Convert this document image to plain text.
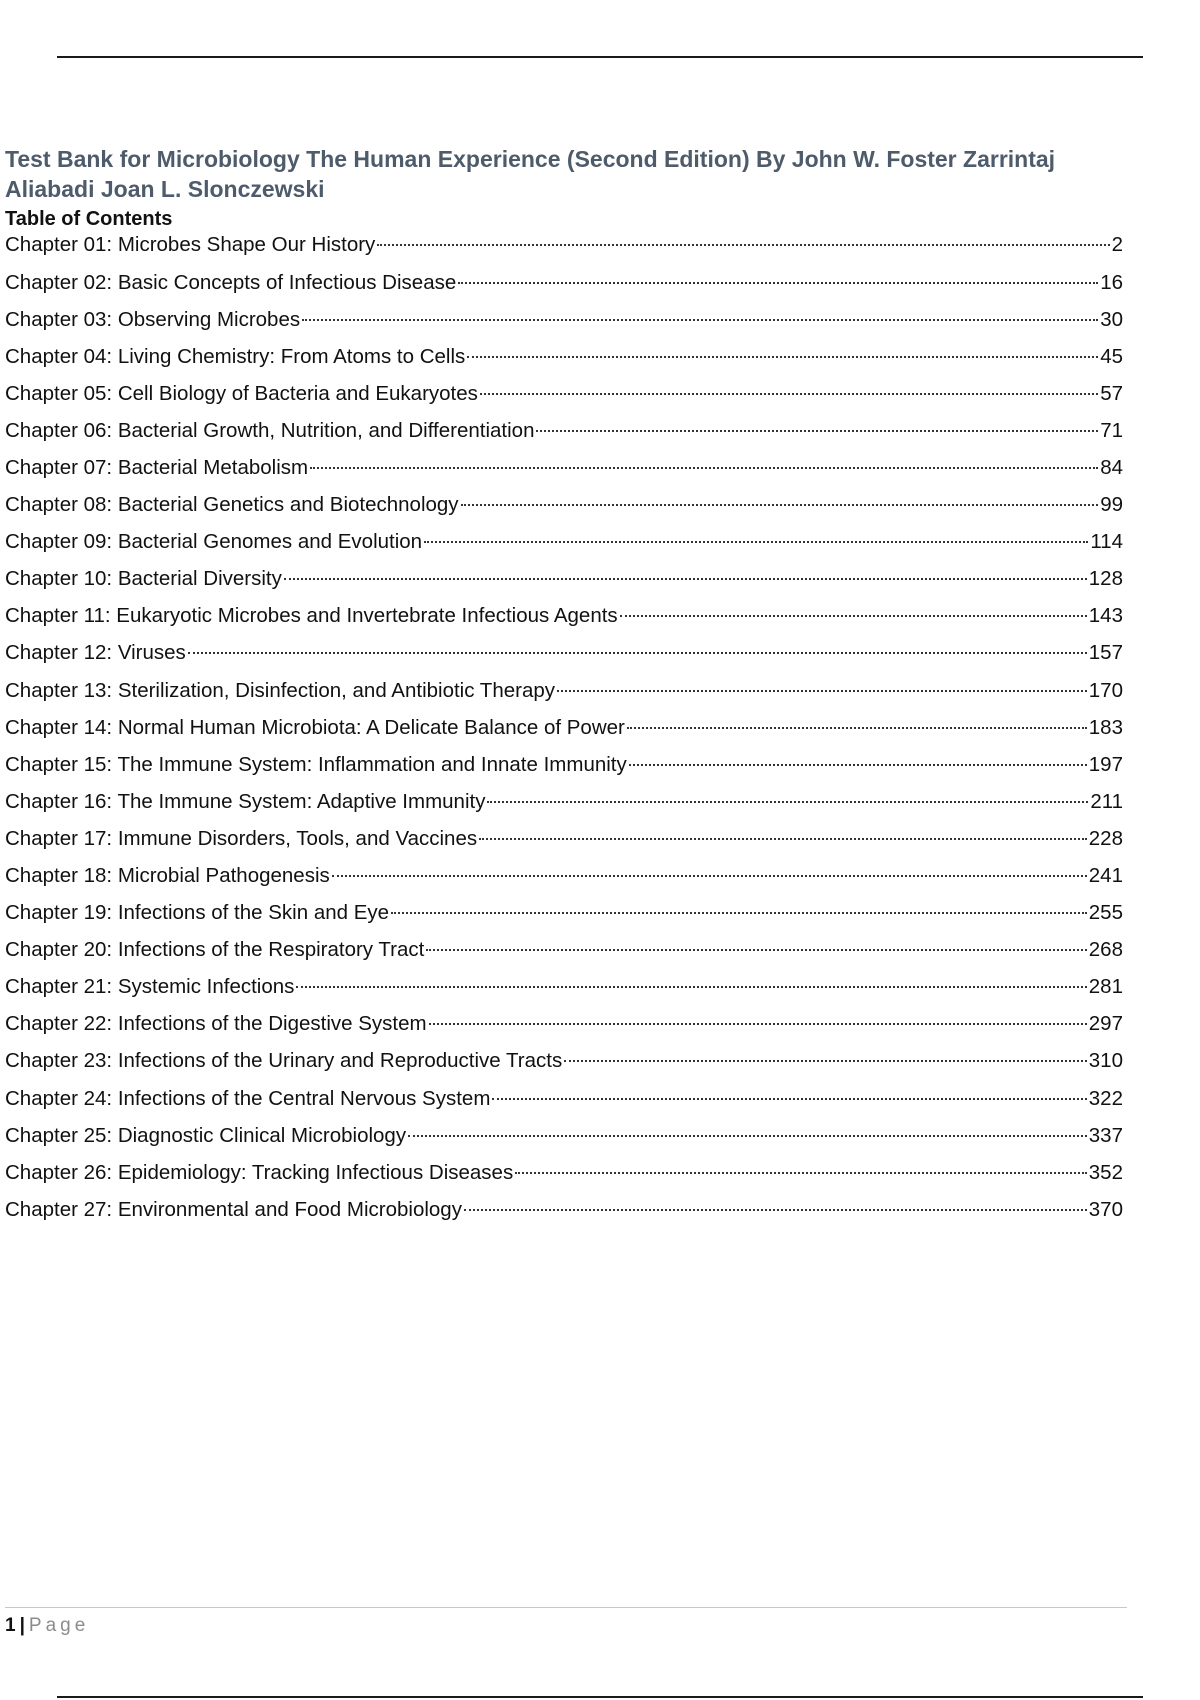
Test Bank for Microbiology The Human Experience (Second Edition) By John W. Foster Zarrintaj Aliabadi Joan L. Slonczewski
Table of Contents
Chapter 01: Microbes Shape Our History	2
Chapter 02: Basic Concepts of Infectious Disease	16
Chapter 03: Observing Microbes	30
Chapter 04: Living Chemistry: From Atoms to Cells	45
Chapter 05: Cell Biology of Bacteria and Eukaryotes	57
Chapter 06: Bacterial Growth, Nutrition, and Differentiation	71
Chapter 07: Bacterial Metabolism	84
Chapter 08: Bacterial Genetics and Biotechnology	99
Chapter 09: Bacterial Genomes and Evolution	114
Chapter 10: Bacterial Diversity	128
Chapter 11: Eukaryotic Microbes and Invertebrate Infectious Agents	143
Chapter 12: Viruses	157
Chapter 13: Sterilization, Disinfection, and Antibiotic Therapy	170
Chapter 14: Normal Human Microbiota: A Delicate Balance of Power	183
Chapter 15: The Immune System: Inflammation and Innate Immunity	197
Chapter 16: The Immune System: Adaptive Immunity	211
Chapter 17: Immune Disorders, Tools, and Vaccines	228
Chapter 18: Microbial Pathogenesis	241
Chapter 19: Infections of the Skin and Eye	255
Chapter 20: Infections of the Respiratory Tract	268
Chapter 21: Systemic Infections	281
Chapter 22: Infections of the Digestive System	297
Chapter 23: Infections of the Urinary and Reproductive Tracts	310
Chapter 24: Infections of the Central Nervous System	322
Chapter 25: Diagnostic Clinical Microbiology	337
Chapter 26: Epidemiology: Tracking Infectious Diseases	352
Chapter 27: Environmental and Food Microbiology	370
1 | Page
